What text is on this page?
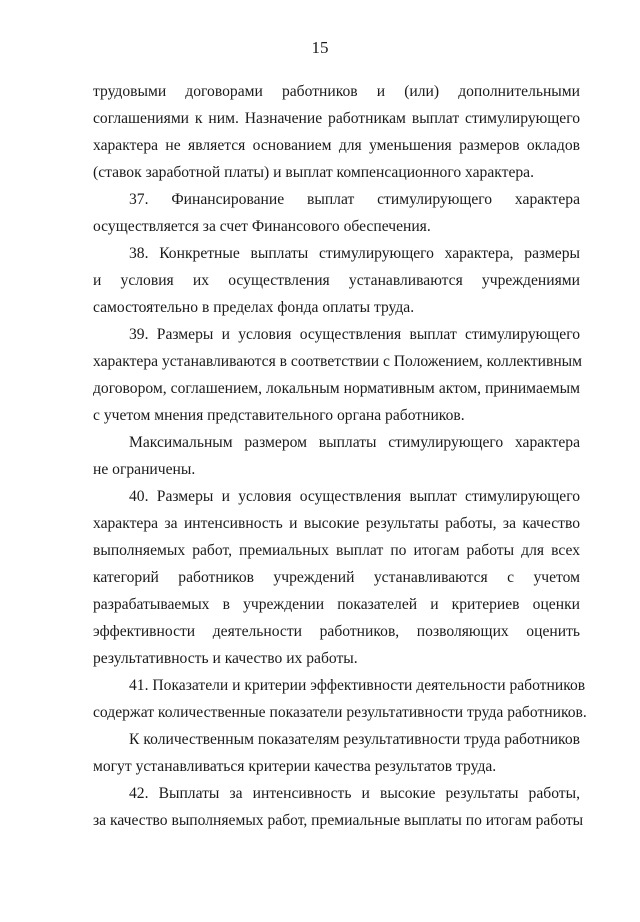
15
трудовыми договорами работников и (или) дополнительными
соглашениями к ним. Назначение работникам выплат стимулирующего
характера не является основанием для уменьшения размеров окладов
(ставок заработной платы) и выплат компенсационного характера.
37. Финансирование выплат стимулирующего характера
осуществляется за счет Финансового обеспечения.
38. Конкретные выплаты стимулирующего характера, размеры
и условия их осуществления устанавливаются учреждениями
самостоятельно в пределах фонда оплаты труда.
39. Размеры и условия осуществления выплат стимулирующего
характера устанавливаются в соответствии с Положением, коллективным
договором, соглашением, локальным нормативным актом, принимаемым
с учетом мнения представительного органа работников.
Максимальным размером выплаты стимулирующего характера
не ограничены.
40. Размеры и условия осуществления выплат стимулирующего
характера за интенсивность и высокие результаты работы, за качество
выполняемых работ, премиальных выплат по итогам работы для всех
категорий работников учреждений устанавливаются с учетом
разрабатываемых в учреждении показателей и критериев оценки
эффективности деятельности работников, позволяющих оценить
результативность и качество их работы.
41. Показатели и критерии эффективности деятельности работников
содержат количественные показатели результативности труда работников.
К количественным показателям результативности труда работников
могут устанавливаться критерии качества результатов труда.
42. Выплаты за интенсивность и высокие результаты работы,
за качество выполняемых работ, премиальные выплаты по итогам работы
